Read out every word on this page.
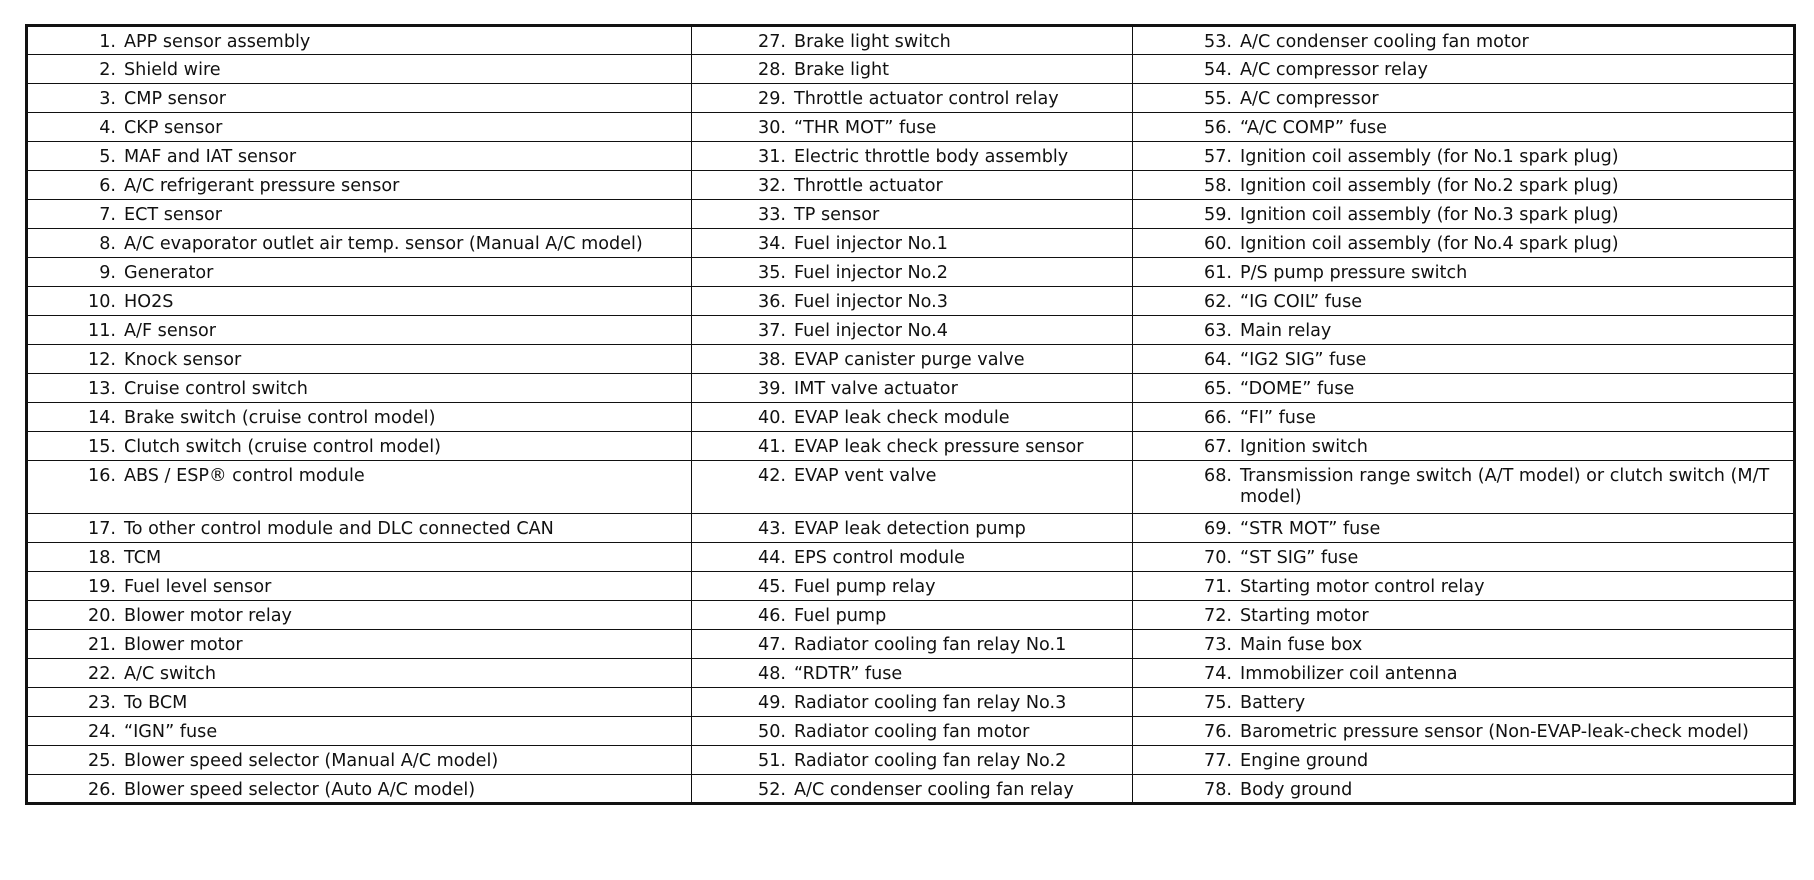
1. APP sensor assembly	27. Brake light switch	53. A/C condenser cooling fan motor

2. Shield wire	28. Brake light	54. A/C compressor relay

3. CMP sensor	29. Throttle actuator control relay	55. A/C compressor

4. CKP sensor	30. “THR MOT” fuse	56. “A/C COMP” fuse

5. MAF and IAT sensor	31. Electric throttle body assembly	57. Ignition coil assembly (for No.1 spark plug)

6. A/C refrigerant pressure sensor	32. Throttle actuator	58. Ignition coil assembly (for No.2 spark plug)

7. ECT sensor	33. TP sensor	59. Ignition coil assembly (for No.3 spark plug)

8. A/C evaporator outlet air temp. sensor (Manual A/C model)	34. Fuel injector No.1	60. Ignition coil assembly (for No.4 spark plug)

9. Generator	35. Fuel injector No.2	61. P/S pump pressure switch

10. HO2S	36. Fuel injector No.3	62. “IG COIL” fuse

11. A/F sensor	37. Fuel injector No.4	63. Main relay

12. Knock sensor	38. EVAP canister purge valve	64. “IG2 SIG” fuse

13. Cruise control switch	39. IMT valve actuator	65. “DOME” fuse

14. Brake switch (cruise control model)	40. EVAP leak check module	66. “FI” fuse

15. Clutch switch (cruise control model)	41. EVAP leak check pressure sensor	67. Ignition switch

16. ABS / ESP® control module	42. EVAP vent valve	68. Transmission range switch (A/T model) or clutch switch (M/T model)

17. To other control module and DLC connected CAN	43. EVAP leak detection pump	69. “STR MOT” fuse

18. TCM	44. EPS control module	70. “ST SIG” fuse

19. Fuel level sensor	45. Fuel pump relay	71. Starting motor control relay

20. Blower motor relay	46. Fuel pump	72. Starting motor

21. Blower motor	47. Radiator cooling fan relay No.1	73. Main fuse box

22. A/C switch	48. “RDTR” fuse	74. Immobilizer coil antenna

23. To BCM	49. Radiator cooling fan relay No.3	75. Battery

24. “IGN” fuse	50. Radiator cooling fan motor	76. Barometric pressure sensor (Non-EVAP-leak-check model)

25. Blower speed selector (Manual A/C model)	51. Radiator cooling fan relay No.2	77. Engine ground

26. Blower speed selector (Auto A/C model)	52. A/C condenser cooling fan relay	78. Body ground
